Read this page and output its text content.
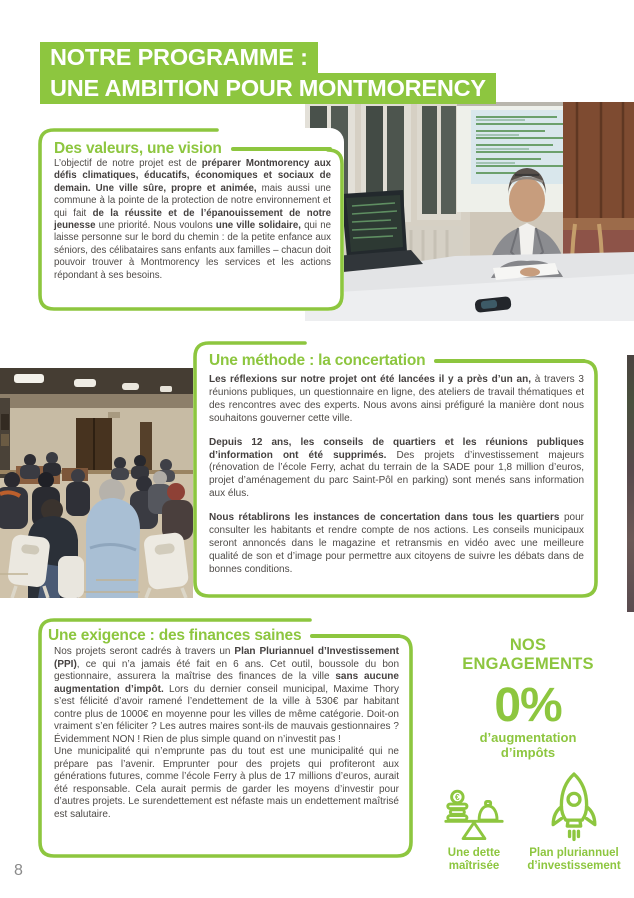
NOTRE PROGRAMME :
UNE AMBITION POUR MONTMORENCY
Des valeurs, une vision

L’objectif de notre projet est de préparer Montmorency aux défis climatiques, éducatifs, économiques et sociaux de demain. Une ville sûre, propre et animée, mais aussi une commune à la pointe de la protection de notre environnement et qui fait de la réussite et de l’épanouissement de notre jeunesse une priorité. Nous voulons une ville solidaire, qui ne laisse personne sur le bord du chemin : de la petite enfance aux séniors, des célibataires sans enfants aux familles – chacun doit pouvoir trouver à Montmorency les services et les actions répondant à ses besoins.

Une méthode : la concertation

Les réflexions sur notre projet ont été lancées il y a près d’un an, à travers 3 réunions publiques, un questionnaire en ligne, des ateliers de travail thématiques et des rencontres avec des experts. Nous avons ainsi préfiguré la manière dont nous souhaitons gouverner cette ville.

Depuis 12 ans, les conseils de quartiers et les réunions publiques d’information ont été supprimés. Des projets d’investissement majeurs (rénovation de l’école Ferry, achat du terrain de la SADE pour 1,8 million d’euros, projet d’aménagement du parc Saint-Pôl en parking) sont menés sans information aux élus.

Nous rétablirons les instances de concertation dans tous les quartiers pour consulter les habitants et rendre compte de nos actions. Les conseils municipaux seront annoncés dans le magazine et retransmis en vidéo avec une meilleure qualité de son et d’image pour permettre aux citoyens de suivre les débats dans de bonnes conditions.

Une exigence : des finances saines

Nos projets seront cadrés à travers un Plan Pluriannuel d’Investissement (PPI), ce qui n’a jamais été fait en 6 ans. Cet outil, boussole du bon gestionnaire, assurera la maîtrise des finances de la ville sans aucune augmentation d’impôt. Lors du dernier conseil municipal, Maxime Thory s’est félicité d’avoir ramené l’endettement de la ville à 530€ par habitant contre plus de 1000€ en moyenne pour les villes de même catégorie. Doit-on vraiment s’en féliciter ? Les autres maires sont-ils de mauvais gestionnaires ? Évidemment NON ! Rien de plus simple quand on n’investit pas !

Une municipalité qui n’emprunte pas du tout est une municipalité qui ne prépare pas l’avenir. Emprunter pour des projets qui profiteront aux générations futures, comme l’école Ferry à plus de 17 millions d’euros, aurait été responsable. Cela aurait permis de garder les moyens d’investir pour d’autres projets. Le surendettement est néfaste mais un endettement maîtrisé est salutaire.

NOS ENGAGEMENTS
0%
d’augmentation d’impôts
€
Une dette maîtrisée
Plan pluriannuel d’investissement
8
